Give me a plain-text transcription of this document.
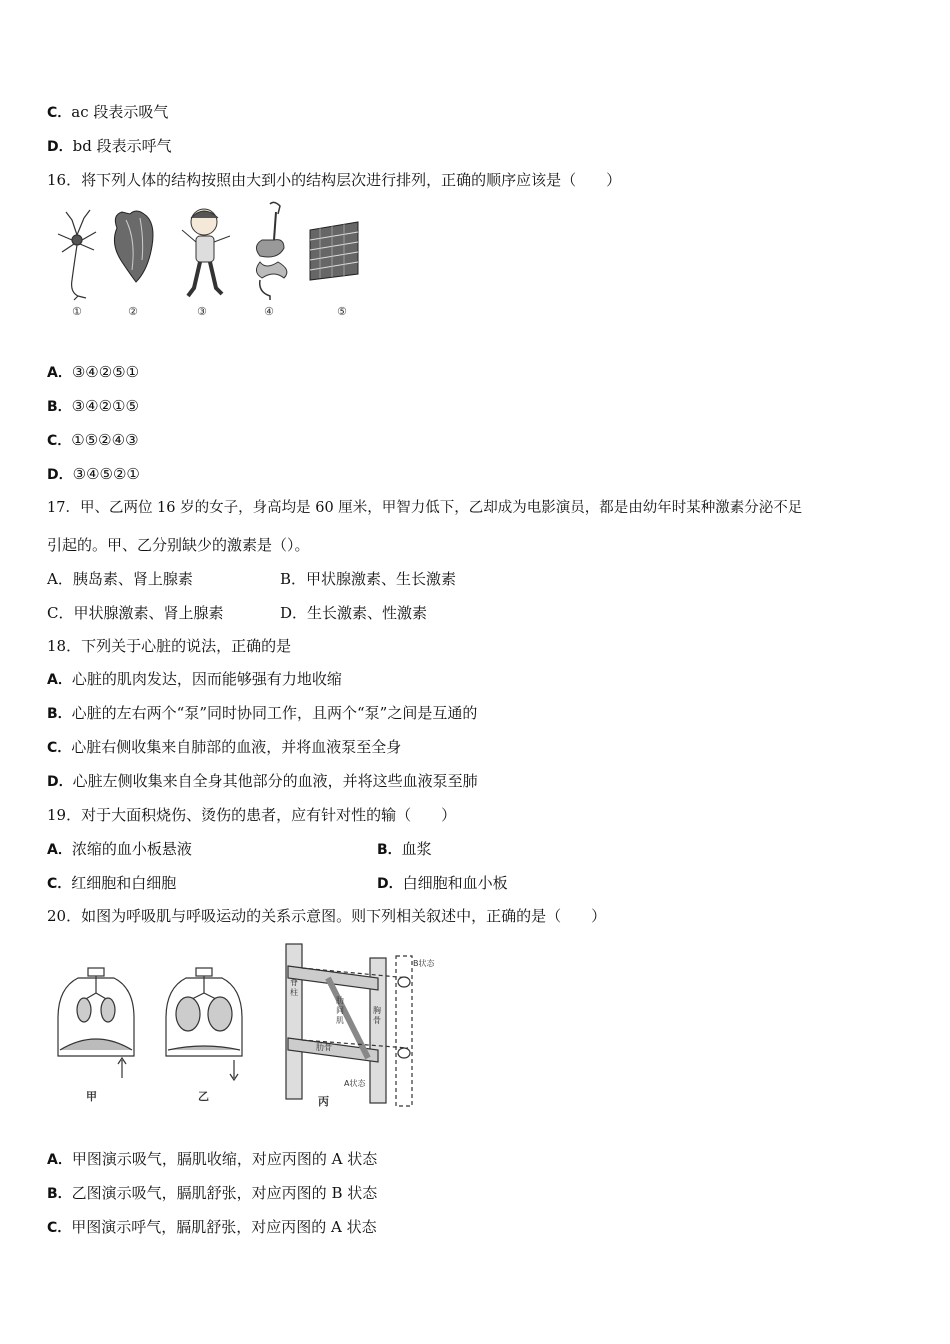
C．ac 段表示吸气
D．bd 段表示呼气
16．将下列人体的结构按照由大到小的结构层次进行排列，正确的顺序应该是（　　）
①	②	③	④	⑤
A．③④②⑤①
B．③④②①⑤
C．①⑤②④③
D．③④⑤②①
17．甲、乙两位 16 岁的女子，身高均是 60 厘米，甲智力低下，乙却成为电影演员，都是由幼年时某种激素分泌不足
引起的。甲、乙分别缺少的激素是（）。
A．胰岛素、肾上腺素	B．甲状腺激素、生长激素
C．甲状腺激素、肾上腺素	D．生长激素、性激素
18．下列关于心脏的说法，正确的是
A．心脏的肌肉发达，因而能够强有力地收缩
B．心脏的左右两个“泵”同时协同工作，且两个“泵”之间是互通的
C．心脏右侧收集来自肺部的血液，并将血液泵至全身
D．心脏左侧收集来自全身其他部分的血液，并将这些血液泵至肺
19．对于大面积烧伤、烫伤的患者，应有针对性的输（　　）
A．浓缩的血小板悬液	B．血浆
C．红细胞和白细胞	D．白细胞和血小板
20．如图为呼吸肌与呼吸运动的关系示意图。则下列相关叙述中，正确的是（　　）
甲	乙	丙
B状态
A状态
脊柱
胸骨
肋间肌
肋骨
A．甲图演示吸气，膈肌收缩，对应丙图的 A 状态
B．乙图演示吸气，膈肌舒张，对应丙图的 B 状态
C．甲图演示呼气，膈肌舒张，对应丙图的 A 状态
